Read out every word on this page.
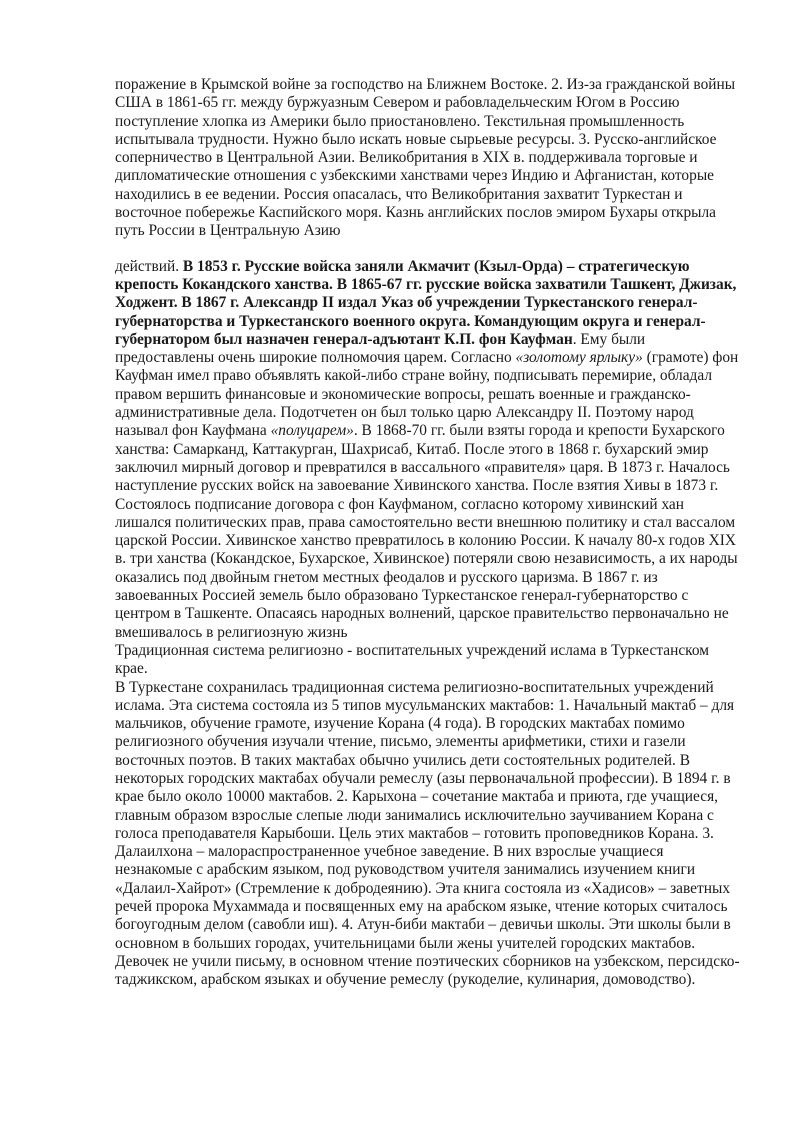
поражение в Крымской войне за господство на Ближнем Востоке. 2. Из-за гражданской войны США в 1861-65 гг. между буржуазным Севером и рабовладельческим Югом в Россию поступление хлопка из Америки было приостановлено. Текстильная промышленность испытывала трудности. Нужно было искать новые сырьевые ресурсы. 3. Русско-английское соперничество в Центральной Азии. Великобритания в XIX в. поддерживала торговые и дипломатические отношения с узбекскими ханствами через Индию и Афганистан, которые находились в ее ведении. Россия опасалась, что Великобритания захватит Туркестан и восточное побережье Каспийского моря. Казнь английских послов эмиром Бухары открыла путь России в Центральную Азию

действий. В 1853 г. Русские войска заняли Акмачит (Кзыл-Орда) – стратегическую крепость Кокандского ханства. В 1865-67 гг. русские войска захватили Ташкент, Джизак, Ходжент. В 1867 г. Александр II издал Указ об учреждении Туркестанского генерал-губернаторства и Туркестанского военного округа. Командующим округа и генерал-губернатором был назначен генерал-адъютант К.П. фон Кауфман. Ему были предоставлены очень широкие полномочия царем. Согласно «золотому ярлыку» (грамоте) фон Кауфман имел право объявлять какой-либо стране войну, подписывать перемирие, обладал правом вершить финансовые и экономические вопросы, решать военные и гражданско-административные дела. Подотчетен он был только царю Александру II. Поэтому народ называл фон Кауфмана «полуцарем». В 1868-70 гг. были взяты города и крепости Бухарского ханства: Самарканд, Каттакурган, Шахрисаб, Китаб. После этого в 1868 г. бухарский эмир заключил мирный договор и превратился в вассального «правителя» царя. В 1873 г. Началось наступление русских войск на завоевание Хивинского ханства. После взятия Хивы в 1873 г. Состоялось подписание договора с фон Кауфманом, согласно которому хивинский хан лишался политических прав, права самостоятельно вести внешнюю политику и стал вассалом царской России. Хивинское ханство превратилось в колонию России. К началу 80-х годов XIX в. три ханства (Кокандское, Бухарское, Хивинское) потеряли свою независимость, а их народы оказались под двойным гнетом местных феодалов и русского царизма. В 1867 г. из завоеванных Россией земель было образовано Туркестанское генерал-губернаторство с центром в Ташкенте. Опасаясь народных волнений, царское правительство первоначально не вмешивалось в религиозную жизнь

Традиционная система религиозно - воспитательных учреждений ислама в Туркестанском крае.

В Туркестане сохранилась традиционная система религиозно-воспитательных учреждений ислама. Эта система состояла из 5 типов мусульманских мактабов: 1. Начальный мактаб – для мальчиков, обучение грамоте, изучение Корана (4 года). В городских мактабах помимо религиозного обучения изучали чтение, письмо, элементы арифметики, стихи и газели восточных поэтов. В таких мактабах обычно учились дети состоятельных родителей. В некоторых городских мактабах обучали ремеслу (азы первоначальной профессии). В 1894 г. в крае было около 10000 мактабов. 2. Карыхона – сочетание мактаба и приюта, где учащиеся, главным образом взрослые слепые люди занимались исключительно заучиванием Корана с голоса преподавателя Карыбоши. Цель этих мактабов – готовить проповедников Корана. 3. Далаилхона – малораспространенное учебное заведение. В них взрослые учащиеся незнакомые с арабским языком, под руководством учителя занимались изучением книги «Далаил-Хайрот» (Стремление к добродеянию). Эта книга состояла из «Хадисов» – заветных речей пророка Мухаммада и посвященных ему на арабском языке, чтение которых считалось богоугодным делом (савобли иш). 4. Атун-биби мактаби – девичьи школы. Эти школы были в основном в больших городах, учительницами были жены учителей городских мактабов. Девочек не учили письму, в основном чтение поэтических сборников на узбекском, персидско-таджикском, арабском языках и обучение ремеслу (рукоделие, кулинария, домоводство).
